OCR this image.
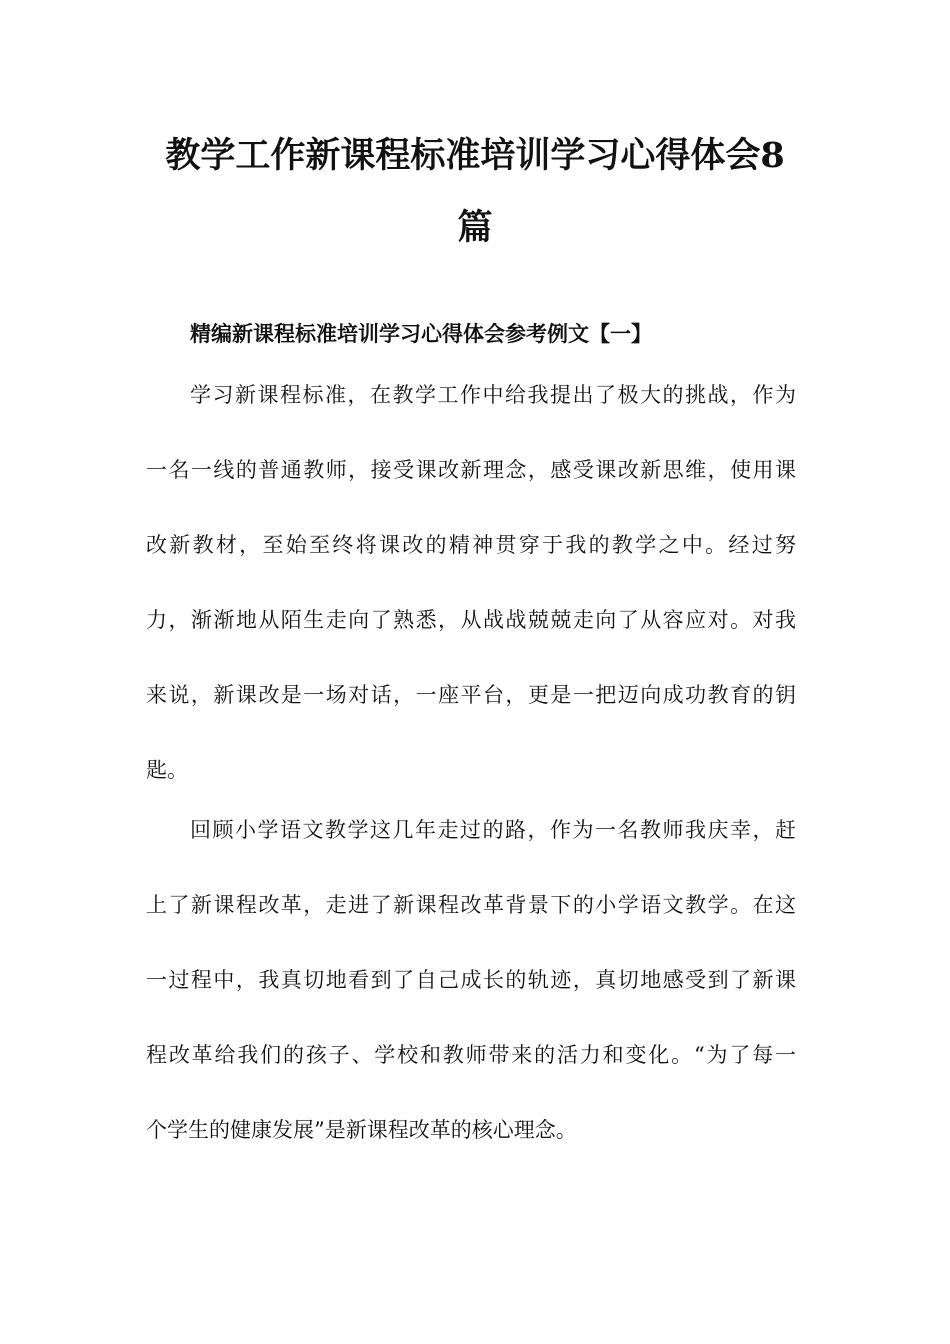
教学工作新课程标准培训学习心得体会8
篇
精编新课程标准培训学习心得体会参考例文【一】
学习新课程标准，在教学工作中给我提出了极大的挑战，作为
一名一线的普通教师，接受课改新理念，感受课改新思维，使用课
改新教材，至始至终将课改的精神贯穿于我的教学之中。经过努
力，渐渐地从陌生走向了熟悉，从战战兢兢走向了从容应对。对我
来说，新课改是一场对话，一座平台，更是一把迈向成功教育的钥
匙。
回顾小学语文教学这几年走过的路，作为一名教师我庆幸，赶
上了新课程改革，走进了新课程改革背景下的小学语文教学。在这
一过程中，我真切地看到了自己成长的轨迹，真切地感受到了新课
程改革给我们的孩子、学校和教师带来的活力和变化。“为了每一
个学生的健康发展”是新课程改革的核心理念。
